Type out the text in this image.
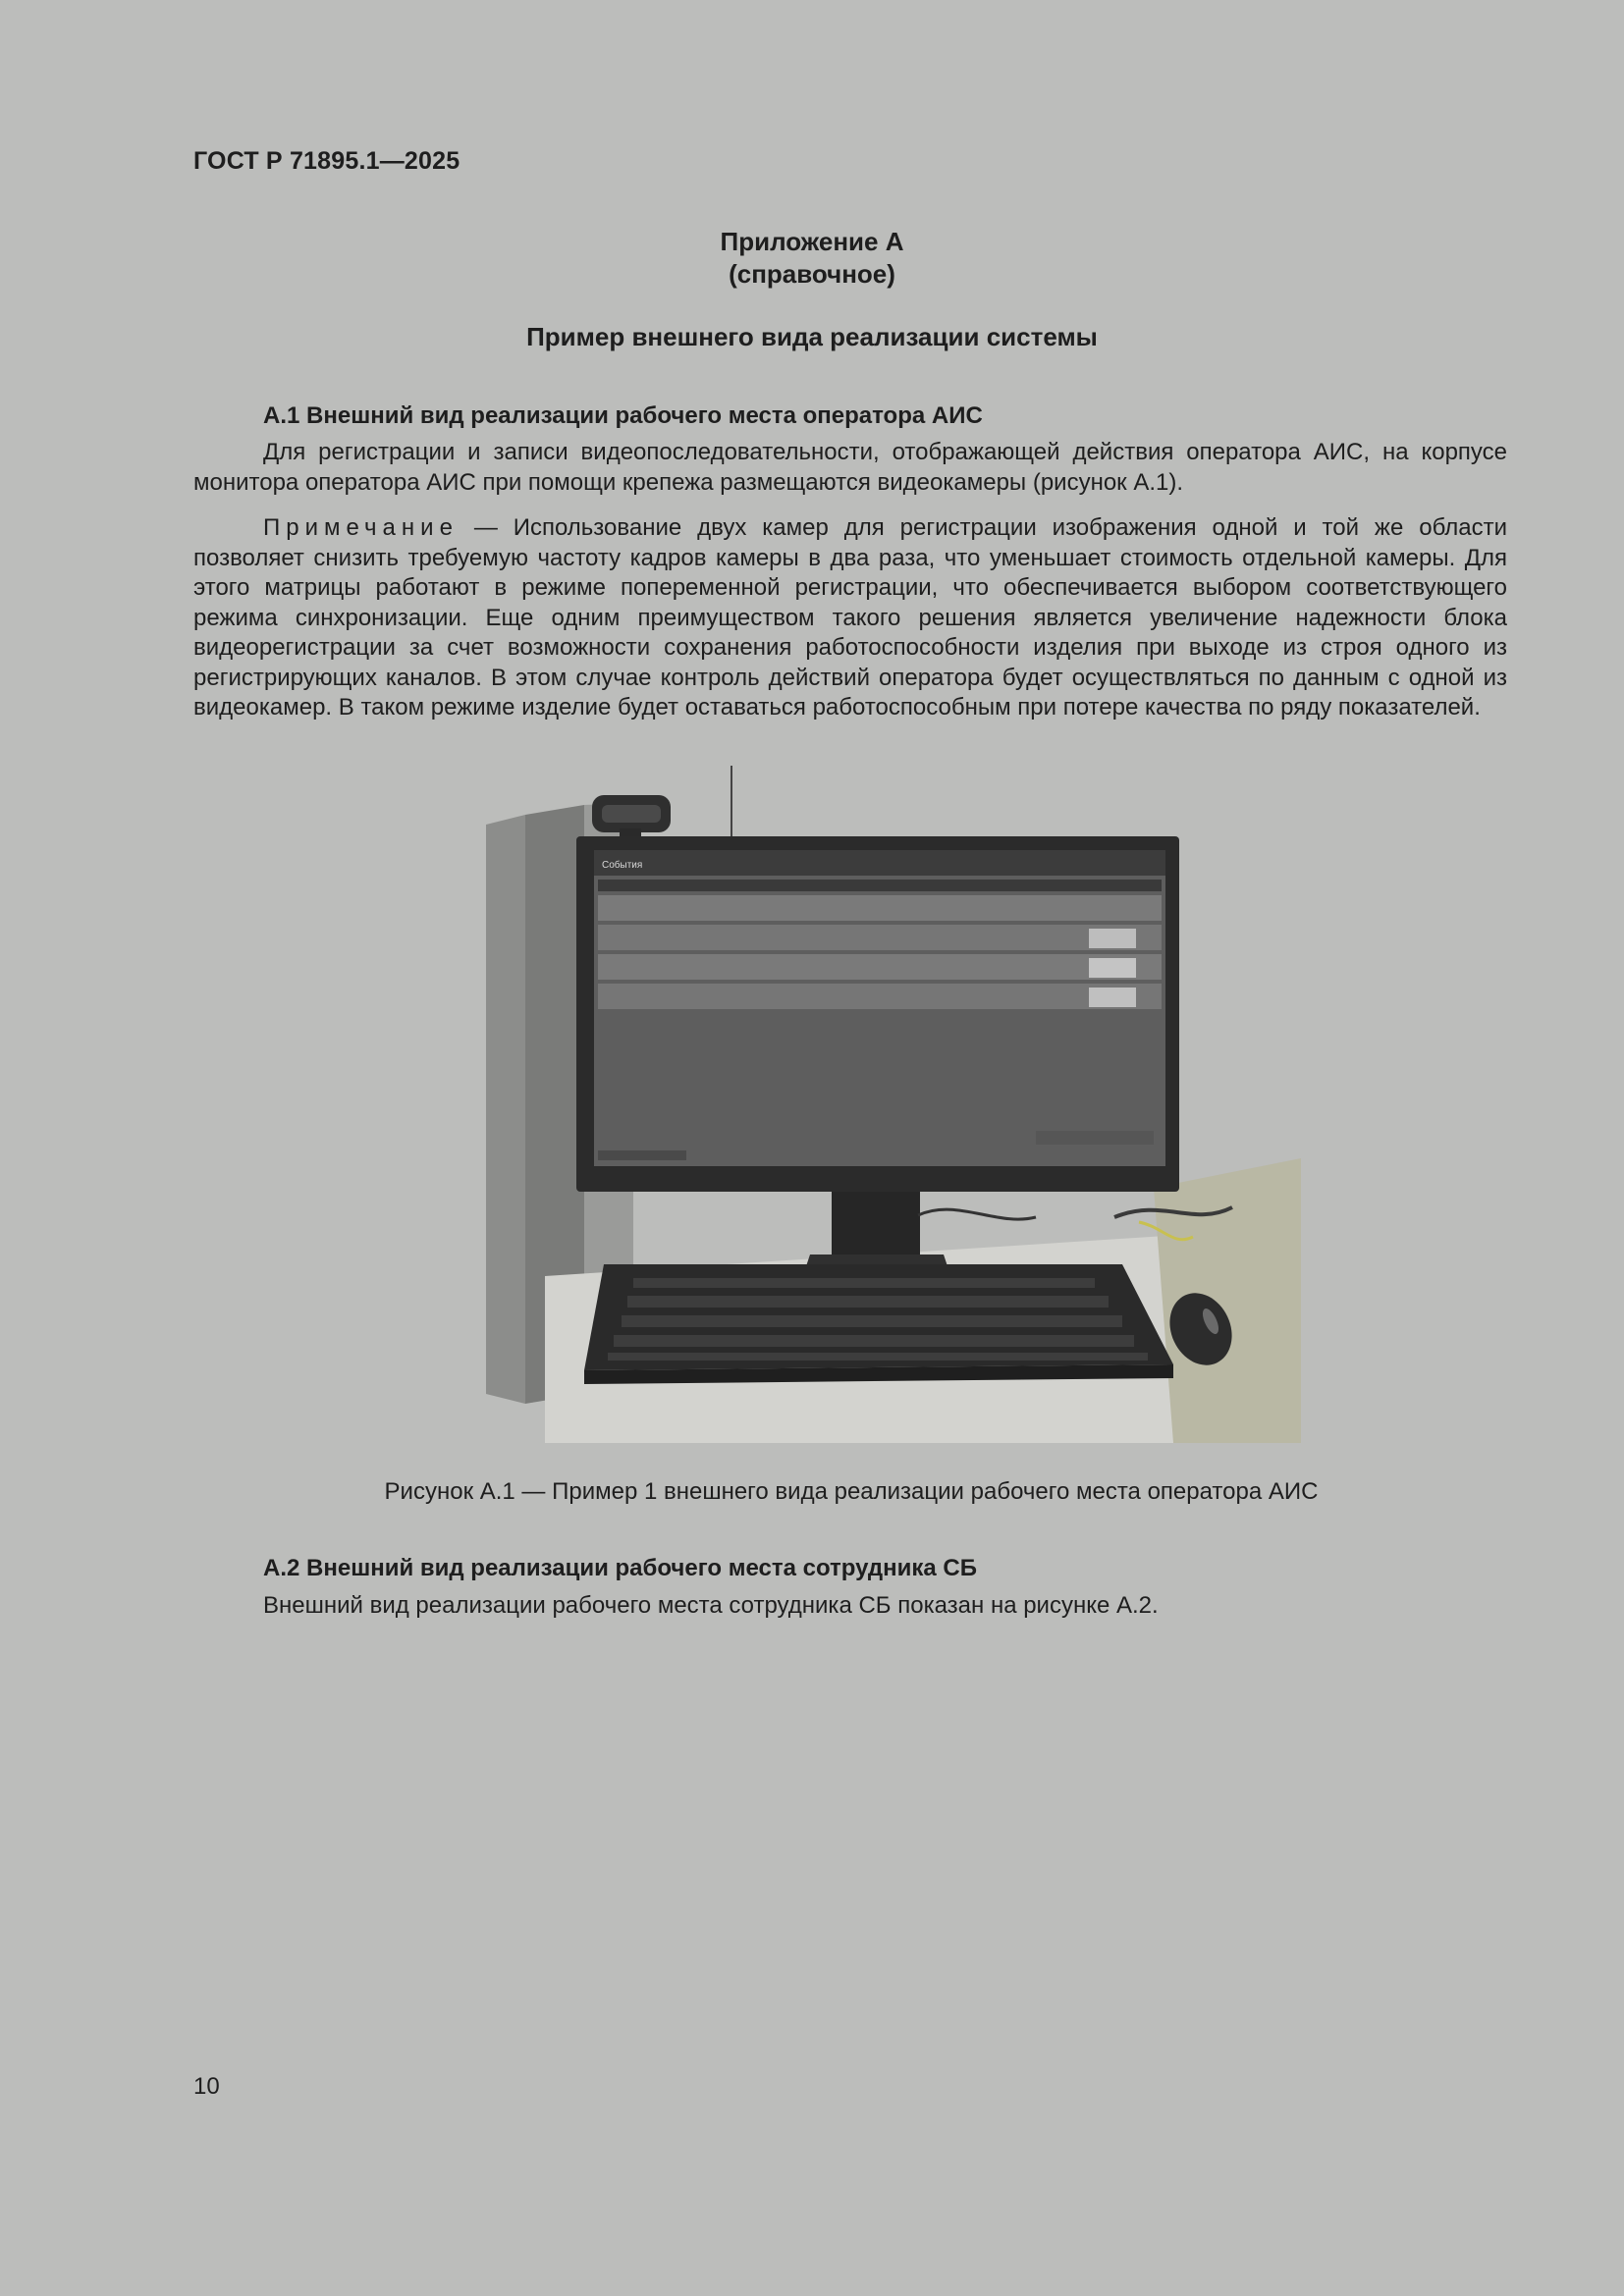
ГОСТ Р 71895.1—2025
Приложение А
(справочное)
Пример внешнего вида реализации системы
А.1 Внешний вид реализации рабочего места оператора АИС

Для регистрации и записи видеопоследовательности, отображающей действия оператора АИС, на корпусе монитора оператора АИС при помощи крепежа размещаются видеокамеры (рисунок А.1).

Примечание — Использование двух камер для регистрации изображения одной и той же области позволяет снизить требуемую частоту кадров камеры в два раза, что уменьшает стоимость отдельной камеры. Для этого матрицы работают в режиме попеременной регистрации, что обеспечивается выбором соответствующего режима синхронизации. Еще одним преимуществом такого решения является увеличение надежности блока видеорегистрации за счет возможности сохранения работоспособности изделия при выходе из строя одного из регистрирующих каналов. В этом случае контроль действий оператора будет осуществляться по данным с одной из видеокамер. В таком режиме изделие будет оставаться работоспособным при потере качества по ряду показателей.

События
Рисунок А.1 — Пример 1 внешнего вида реализации рабочего места оператора АИС
А.2 Внешний вид реализации рабочего места сотрудника СБ
Внешний вид реализации рабочего места сотрудника СБ показан на рисунке А.2.
10
